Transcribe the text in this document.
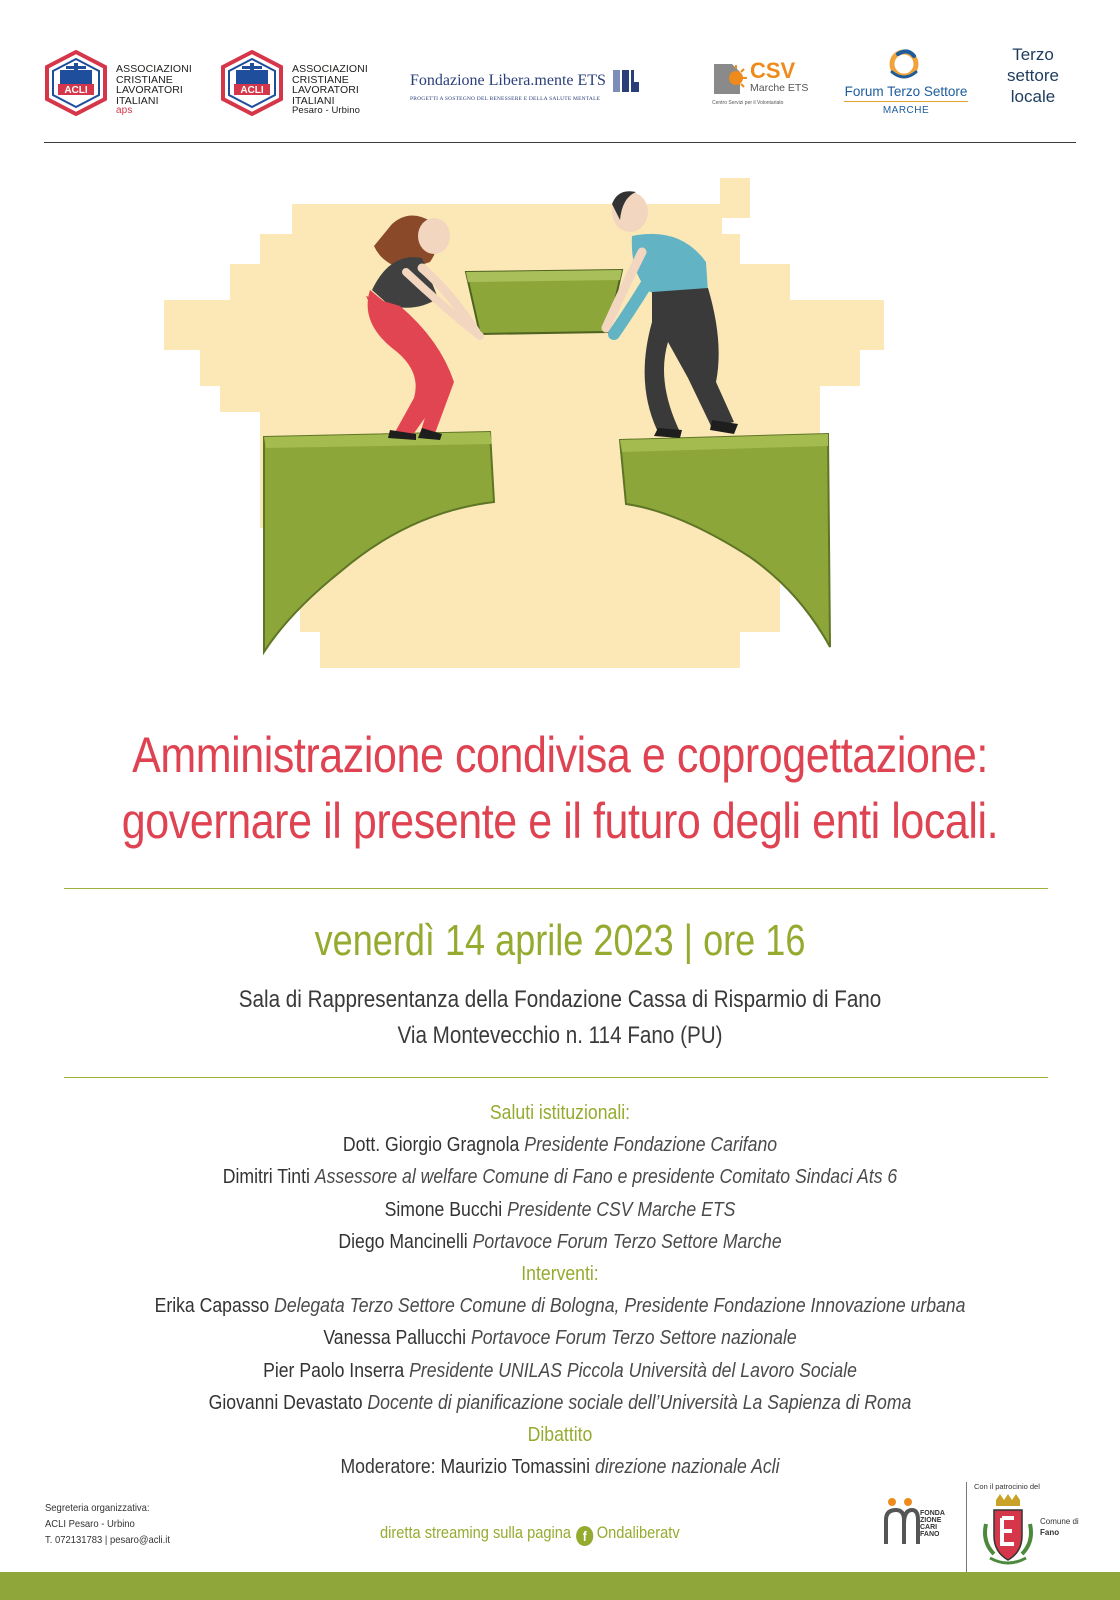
ACLI
ASSOCIAZIONI
CRISTIANE
LAVORATORI
ITALIANI
aps
ACLI
ASSOCIAZIONI
CRISTIANE
LAVORATORI
ITALIANI
Pesaro - Urbino
Fondazione Libera.mente ETS
PROGETTI A SOSTEGNO DEL BENESSERE E DELLA SALUTE MENTALE
CSV
Marche ETS
Centro Servizi per il Volontariato
Forum Terzo Settore
MARCHE
Terzo
settore
locale
Amministrazione condivisa e coprogettazione:
governare il presente e il futuro degli enti locali.
venerdì 14 aprile 2023 | ore 16
Sala di Rappresentanza della Fondazione Cassa di Risparmio di Fano
Via Montevecchio n. 114 Fano (PU)
Saluti istituzionali:
Dott. Giorgio Gragnola Presidente Fondazione Carifano
Dimitri Tinti Assessore al welfare Comune di Fano e presidente Comitato Sindaci Ats 6
Simone Bucchi Presidente CSV Marche ETS
Diego Mancinelli Portavoce Forum Terzo Settore Marche
Interventi:
Erika Capasso Delegata Terzo Settore Comune di Bologna, Presidente Fondazione Innovazione urbana
Vanessa Pallucchi Portavoce Forum Terzo Settore nazionale
Pier Paolo Inserra Presidente UNILAS Piccola Università del Lavoro Sociale
Giovanni Devastato Docente di pianificazione sociale dell’Università La Sapienza di Roma
Dibattito
Moderatore: Maurizio Tomassini direzione nazionale Acli
Segreteria organizzativa:
ACLI Pesaro - Urbino
T. 072131783 | pesaro@acli.it	diretta streaming sulla pagina f Ondaliberatv
FONDA
ZIONE
CARI
FANO
Con il patrocinio del
Comune di
Fano
